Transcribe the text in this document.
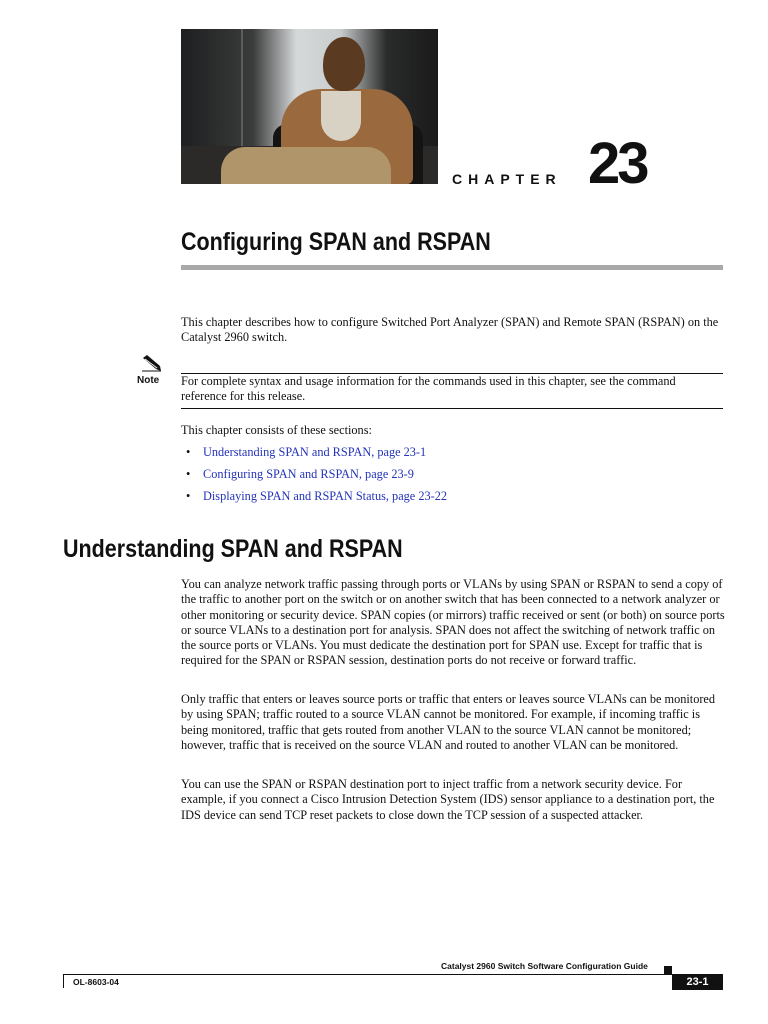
CHAPTER 23
Configuring SPAN and RSPAN

This chapter describes how to configure Switched Port Analyzer (SPAN) and Remote SPAN (RSPAN) on the Catalyst 2960 switch.

Note For complete syntax and usage information for the commands used in this chapter, see the command reference for this release.

This chapter consists of these sections:

• Understanding SPAN and RSPAN, page 23-1
• Configuring SPAN and RSPAN, page 23-9
• Displaying SPAN and RSPAN Status, page 23-22
Understanding SPAN and RSPAN

You can analyze network traffic passing through ports or VLANs by using SPAN or RSPAN to send a copy of the traffic to another port on the switch or on another switch that has been connected to a network analyzer or other monitoring or security device. SPAN copies (or mirrors) traffic received or sent (or both) on source ports or source VLANs to a destination port for analysis. SPAN does not affect the switching of network traffic on the source ports or VLANs. You must dedicate the destination port for SPAN use. Except for traffic that is required for the SPAN or RSPAN session, destination ports do not receive or forward traffic.

Only traffic that enters or leaves source ports or traffic that enters or leaves source VLANs can be monitored by using SPAN; traffic routed to a source VLAN cannot be monitored. For example, if incoming traffic is being monitored, traffic that gets routed from another VLAN to the source VLAN cannot be monitored; however, traffic that is received on the source VLAN and routed to another VLAN can be monitored.

You can use the SPAN or RSPAN destination port to inject traffic from a network security device. For example, if you connect a Cisco Intrusion Detection System (IDS) sensor appliance to a destination port, the IDS device can send TCP reset packets to close down the TCP session of a suspected attacker.

Catalyst 2960 Switch Software Configuration Guide
OL-8603-04	23-1
